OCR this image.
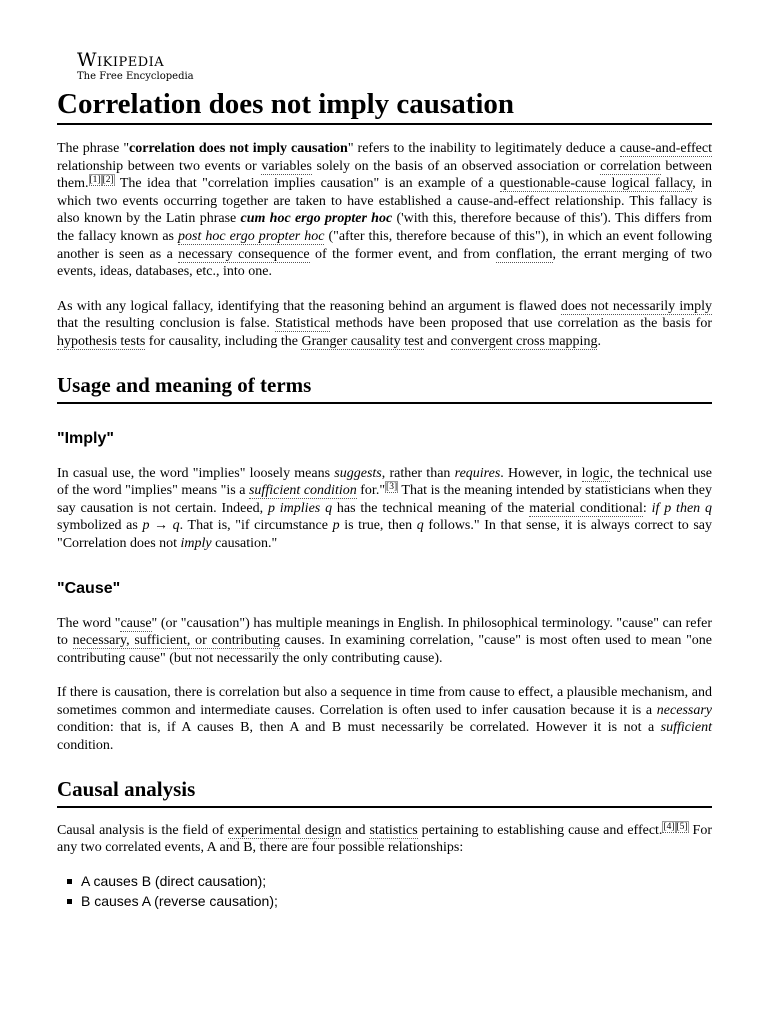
Wikipedia
The Free Encyclopedia
Correlation does not imply causation

The phrase "correlation does not imply causation" refers to the inability to legitimately deduce a cause-and-effect relationship between two events or variables solely on the basis of an observed association or correlation between them.[1] [2] The idea that "correlation implies causation" is an example of a questionable-cause logical fallacy, in which two events occurring together are taken to have established a cause-and-effect relationship. This fallacy is also known by the Latin phrase cum hoc ergo propter hoc ('with this, therefore because of this'). This differs from the fallacy known as post hoc ergo propter hoc ("after this, therefore because of this"), in which an event following another is seen as a necessary consequence of the former event, and from conflation, the errant merging of two events, ideas, databases, etc., into one.

As with any logical fallacy, identifying that the reasoning behind an argument is flawed does not necessarily imply that the resulting conclusion is false. Statistical methods have been proposed that use correlation as the basis for hypothesis tests for causality, including the Granger causality test and convergent cross mapping.

Usage and meaning of terms
"Imply"

In casual use, the word "implies" loosely means suggests, rather than requires. However, in logic, the technical use of the word "implies" means "is a sufficient condition for."[3] That is the meaning intended by statisticians when they say causation is not certain. Indeed, p implies q has the technical meaning of the material conditional: if p then q symbolized as p → q. That is, "if circumstance p is true, then q follows." In that sense, it is always correct to say "Correlation does not imply causation."

"Cause"

The word "cause" (or "causation") has multiple meanings in English. In philosophical terminology. "cause" can refer to necessary, sufficient, or contributing causes. In examining correlation, "cause" is most often used to mean "one contributing cause" (but not necessarily the only contributing cause).

If there is causation, there is correlation but also a sequence in time from cause to effect, a plausible mechanism, and sometimes common and intermediate causes. Correlation is often used to infer causation because it is a necessary condition: that is, if A causes B, then A and B must necessarily be correlated. However it is not a sufficient condition.

Causal analysis

Causal analysis is the field of experimental design and statistics pertaining to establishing cause and effect.[4] [5] For any two correlated events, A and B, there are four possible relationships:

A causes B (direct causation);
B causes A (reverse causation);
